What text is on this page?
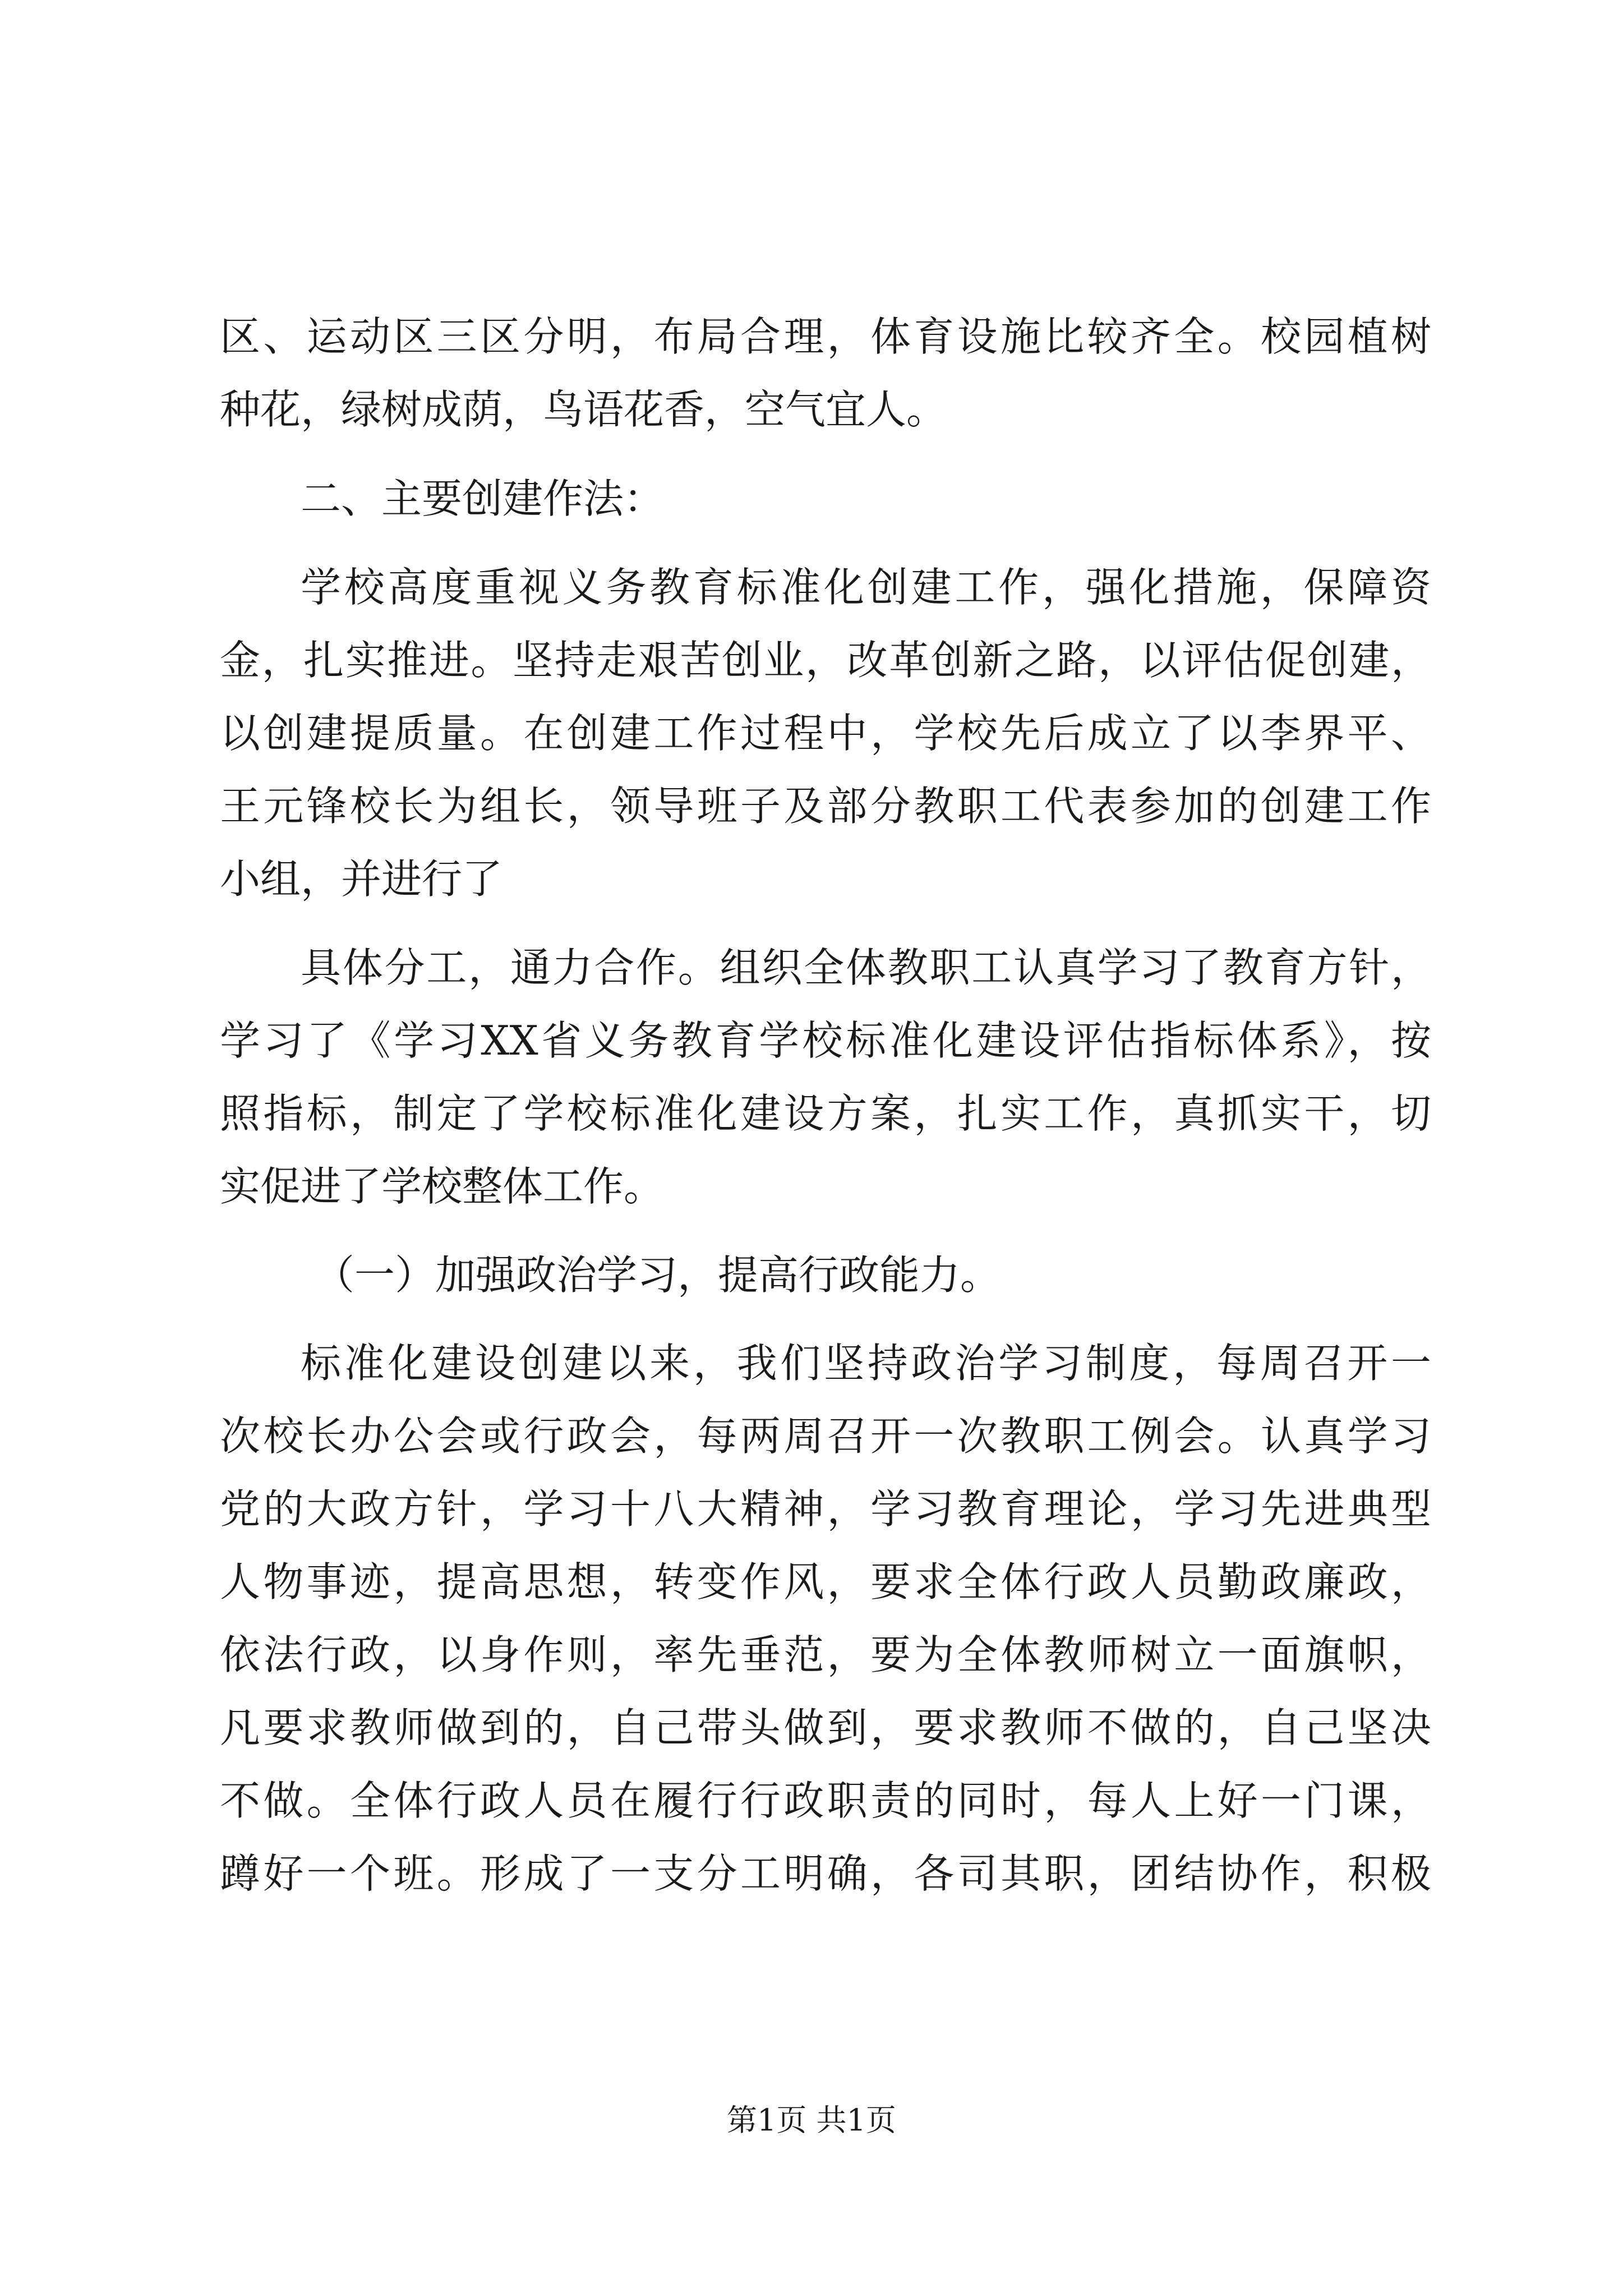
区、运动区三区分明，布局合理，体育设施比较齐全。校园植树
种花，绿树成荫，鸟语花香，空气宜人。
二、主要创建作法：
学校高度重视义务教育标准化创建工作，强化措施，保障资
金，扎实推进。坚持走艰苦创业，改革创新之路，以评估促创建，
以创建提质量。在创建工作过程中，学校先后成立了以李界平、
王元锋校长为组长，领导班子及部分教职工代表参加的创建工作
小组，并进行了
具体分工，通力合作。组织全体教职工认真学习了教育方针，
学习了《学习XX省义务教育学校标准化建设评估指标体系》，按
照指标，制定了学校标准化建设方案，扎实工作，真抓实干，切
实促进了学校整体工作。
（一）加强政治学习，提高行政能力。
标准化建设创建以来，我们坚持政治学习制度，每周召开一
次校长办公会或行政会，每两周召开一次教职工例会。认真学习
党的大政方针，学习十八大精神，学习教育理论，学习先进典型
人物事迹，提高思想，转变作风，要求全体行政人员勤政廉政，
依法行政，以身作则，率先垂范，要为全体教师树立一面旗帜，
凡要求教师做到的，自己带头做到，要求教师不做的，自己坚决
不做。全体行政人员在履行行政职责的同时，每人上好一门课，
蹲好一个班。形成了一支分工明确，各司其职，团结协作，积极
第1页 共1页
